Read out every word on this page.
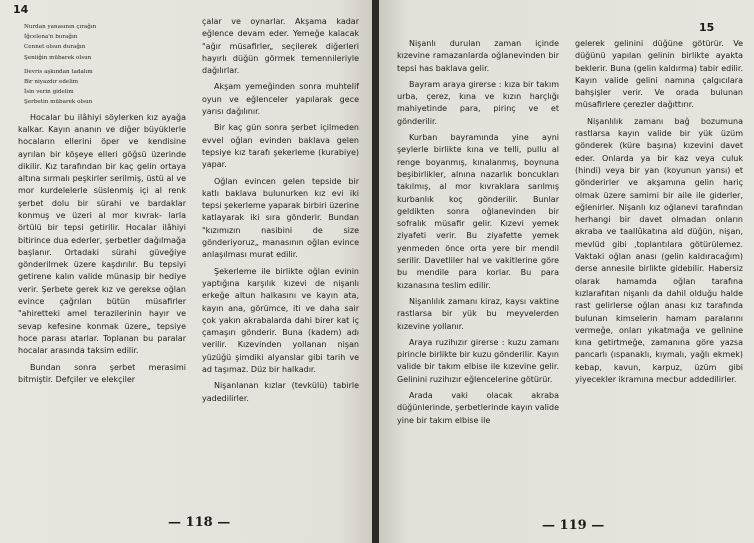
14
Nurdan yanasının çırağın
İğcelena'n burağın
Cennet olsun durağın
Şeniiğin mübarek olsun
Devris aşkından tadalım
Bir niyazdır edelim
İsin verin gidelim
Şerbetin mübarek olsun

Hocalar bu ilâhiyi söylerken kız ayağa kalkar. Kayın ananın ve diğer büyüklerle hocaların ellerini öper ve kendisine ayrılan bir köşeye elleri göğsü üzerinde dikilir. Kız tarafından bir kaç gelin ortaya altına sırmalı peşkirler serilmiş, üstü al ve mor kurdelelerle süslenmiş içi al renk şerbet dolu bir sürahi ve bardaklar konmuş ve üzeri al mor kıvrak- larla örtülü bir tepsi getirilir. Hocalar ilâhiyi bitirince dua ederler, şerbetler dağılmağa başlanır. Ortadaki sürahi güveğiye gönderilmek üzere kaşdırılır. Bu tepsiyi getirene kalın valide münasip bir hediye verir. Şerbete gerek kız ve gerekse oğlan evince çağrılan bütün müsafirler "ahiretteki amel terazilerinin hayır ve sevap kefesine konmak üzere„ tepsiye hoce parası atarlar. Toplanan bu paralar hocalar arasında taksim edilir.

Bundan sonra şerbet merasimi bitmiştir. Defçiler ve elekçiler

çalar ve oynarlar. Akşama kadar eğlence devam eder. Yemeğe kalacak "ağır müsafirler„ seçilerek diğerleri hayırlı düğün görmek temennileriyle dağılırlar.

Akşam yemeğinden sonra muhtelif oyun ve eğlenceler yapılarak gece yarısı dağılınır.

Bir kaç gün sonra şerbet içilmeden evvel oğlan evinden baklava gelen tepsiye kız tarafı şekerleme (kurabiye) yapar.

Oğlan evincen gelen tepside bir katlı baklava bulunurken kız evi iki tepsi şekerleme yaparak birbiri üzerine katlayarak iki sıra gönderir. Bundan "kızımızın nasibini de size gönderiyoruz„ manasının oğlan evince anlaşılması murat edilir.

Şekerleme ile birlikte oğlan evinin yaptığına karşılık kızevi de nişanlı erkeğe altun halkasını ve kayın ata, kayın ana, görümce, iti ve daha sair çok yakın akrabalarda dahi birer kat iç çamaşırı gönderir. Buna (kadem) adı verilir. Kızevinden yollanan nişan yüzüğü şimdiki alyanslar gibi tarih ve ad taşımaz. Düz bir halkadır.

Nişanlanan kızlar (tevkülü) tabirle yadedilirler.

— 118 —
15

Nişanlı durulan zaman içinde kızevine ramazanlarda oğlanevinden bir tepsi has baklava gelir.

Bayram araya girerse : kıza bir takım urba, çerez, kına ve kızın harçlığı mahiyetinde para, pirinç ve et gönderilir.

Kurban bayramında yine ayni şeylerle birlikte kına ve telli, pullu al renge boyanmış, kınalanmış, boynuna beşibirlikler, alnına nazarlık boncukları takılmış, al mor kıvraklara sarılmış kurbanlık koç gönderilir. Bunlar geldikten sonra oğlanevinden bir sofralık müsafir gelir. Kızevi yemek ziyafeti verir. Bu ziyafette yemek yenmeden önce orta yere bir mendil serilir. Davetliler hal ve vakitlerine göre bu mendile para korlar. Bu para kızanasına teslim edilir.

Nişanlılık zamanı kiraz, kaysı vaktine rastlarsa bir yük bu meyvelerden kızevine yollanır.

Araya ruzihızır girerse : kuzu zamanı pirincle birlikte bir kuzu gönderilir. Kayın valide bir takım elbise ile kızevine gelir. Gelinini ruzihızır eğlencelerine götürür.

Arada vaki olacak akraba düğünlerinde, şerbetlerinde kayın valide yine bir takım elbise ile

gelerek gelinini düğüne götürür. Ve düğünü yapılan gelinin birlikte ayakta beklerir. Buna (gelin kaldırma) tabir edilir. Kayın valide gelini namına çalgıcılara bahşişler verir. Ve orada bulunan müsafirlere çerezler dağıttırır.

Nişanlılık zamanı bağ bozumuna rastlarsa kayın valide bir yük üzüm gönderek (küre başına) kızevini davet eder. Onlarda ya bir kaz veya culuk (hindi) veya bir yan (koyunun yarısı) et gönderirler ve akşamına gelin hariç olmak üzere samimi bir aile ile giderler, eğlenirler. Nişanlı kız oğlanevi tarafından herhangi bir davet olmadan onların akraba ve taallûkatına ald düğün, nişan, mevlüd gibi ,toplantılara götürülemez. Vaktaki oğlan anası (gelin kaldıracağım) derse annesile birlikte gidebilir. Habersiz olarak hamamda oğlan tarafına kızlarafıtan nişanlı da dahil olduğu halde rast gelirlerse oğlan anası kız tarafında bulunan kimselerin hamam paralarını vermeğe, onları yıkatmağa ve gelinine kına getirtmeğe, zamanına göre yazsa pancarlı (ıspanaklı, kıymalı, yağlı ekmek) kebap, kavun, karpuz, üzüm gibi yiyecekler ikramına mecbur addedilirler.

— 119 —
